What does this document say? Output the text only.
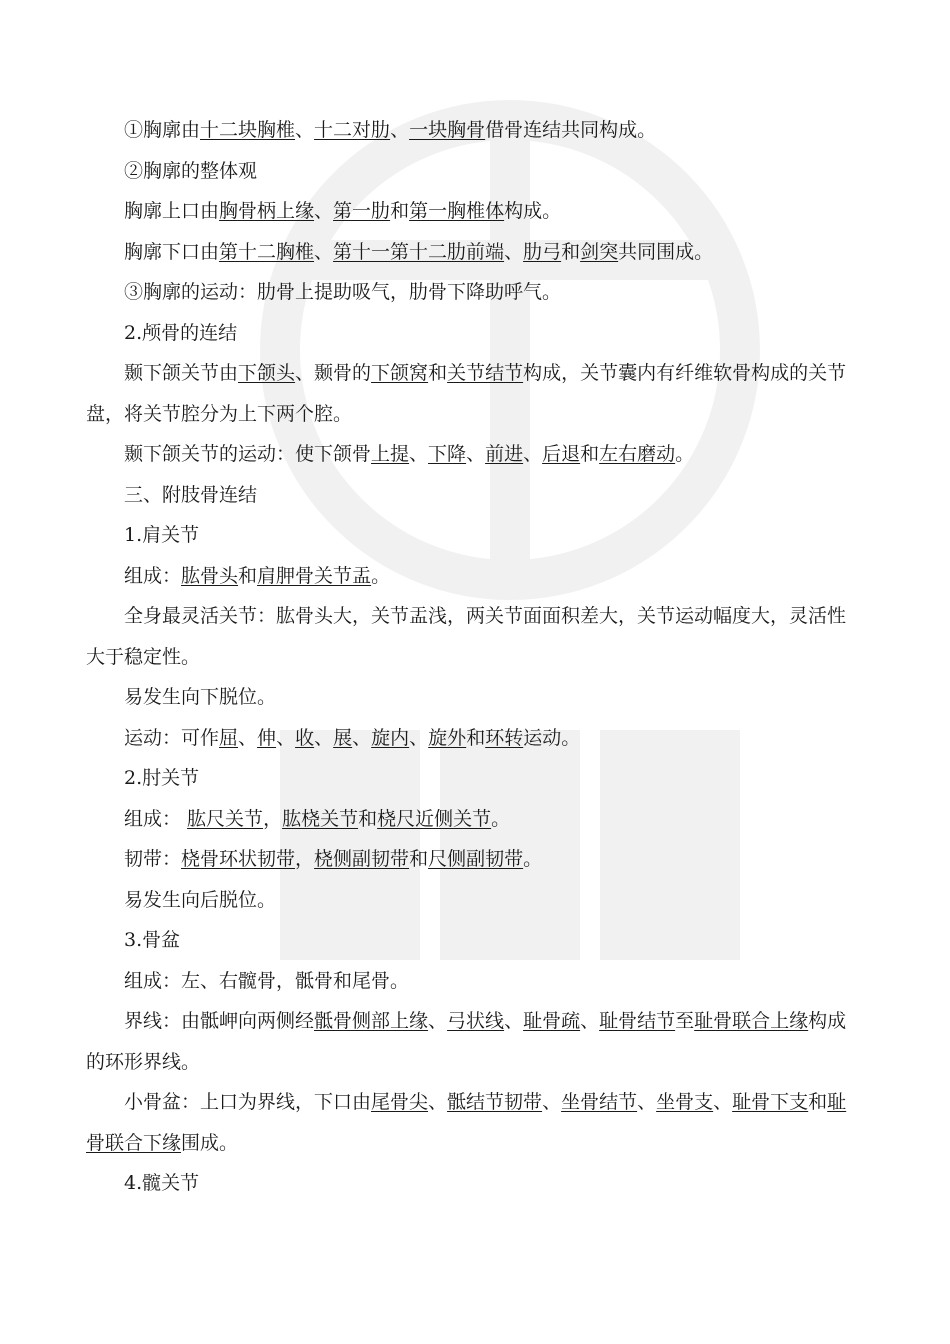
①胸廓由十二块胸椎、十二对肋、一块胸骨借骨连结共同构成。

②胸廓的整体观

胸廓上口由胸骨柄上缘、第一肋和第一胸椎体构成。

胸廓下口由第十二胸椎、第十一第十二肋前端、肋弓和剑突共同围成。

③胸廓的运动：肋骨上提助吸气，肋骨下降助呼气。

2.颅骨的连结

颞下颌关节由下颌头、颞骨的下颌窝和关节结节构成，关节囊内有纤维软骨构成的关节盘，将关节腔分为上下两个腔。

颞下颌关节的运动：使下颌骨上提、下降、前进、后退和左右磨动。

三、附肢骨连结

1.肩关节

组成：肱骨头和肩胛骨关节盂。

全身最灵活关节：肱骨头大，关节盂浅，两关节面面积差大，关节运动幅度大，灵活性大于稳定性。

易发生向下脱位。

运动：可作屈、伸、收、展、旋内、旋外和环转运动。

2.肘关节

组成： 肱尺关节，肱桡关节和桡尺近侧关节。

韧带：桡骨环状韧带，桡侧副韧带和尺侧副韧带。

易发生向后脱位。

3.骨盆

组成：左、右髋骨，骶骨和尾骨。

界线：由骶岬向两侧经骶骨侧部上缘、弓状线、耻骨疏、耻骨结节至耻骨联合上缘构成的环形界线。

小骨盆：上口为界线，下口由尾骨尖、骶结节韧带、坐骨结节、坐骨支、耻骨下支和耻骨联合下缘围成。

4.髋关节
